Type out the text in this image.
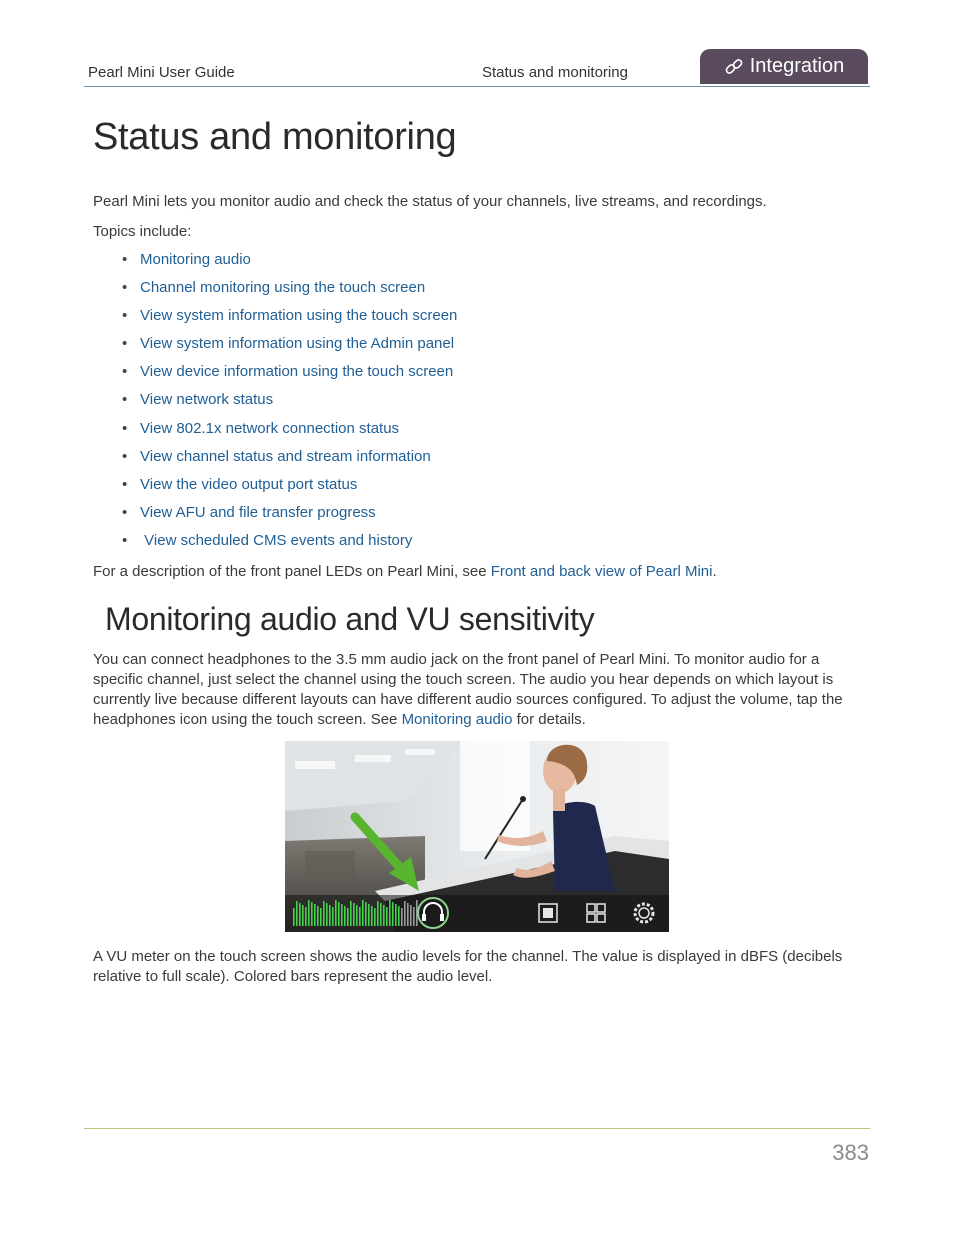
Pearl Mini User Guide	Status and monitoring	Integration
Status and monitoring

Pearl Mini lets you monitor audio and check the status of your channels, live streams, and recordings.

Topics include:

• Monitoring audio
• Channel monitoring using the touch screen
• View system information using the touch screen
• View system information using the Admin panel
• View device information using the touch screen
• View network status
• View 802.1x network connection status
• View channel status and stream information
• View the video output port status
• View AFU and file transfer progress
•  View scheduled CMS events and history

For a description of the front panel LEDs on Pearl Mini, see Front and back view of Pearl Mini.

Monitoring audio and VU sensitivity

You can connect headphones to the 3.5 mm audio jack on the front panel of Pearl Mini. To monitor audio for a specific channel, just select the channel using the touch screen. The audio you hear depends on which layout is currently live because different layouts can have different audio sources configured. To adjust the volume, tap the headphones icon using the touch screen. See Monitoring audio for details.

A VU meter on the touch screen shows the audio levels for the channel. The value is displayed in dBFS (decibels relative to full scale). Colored bars represent the audio level.

383
